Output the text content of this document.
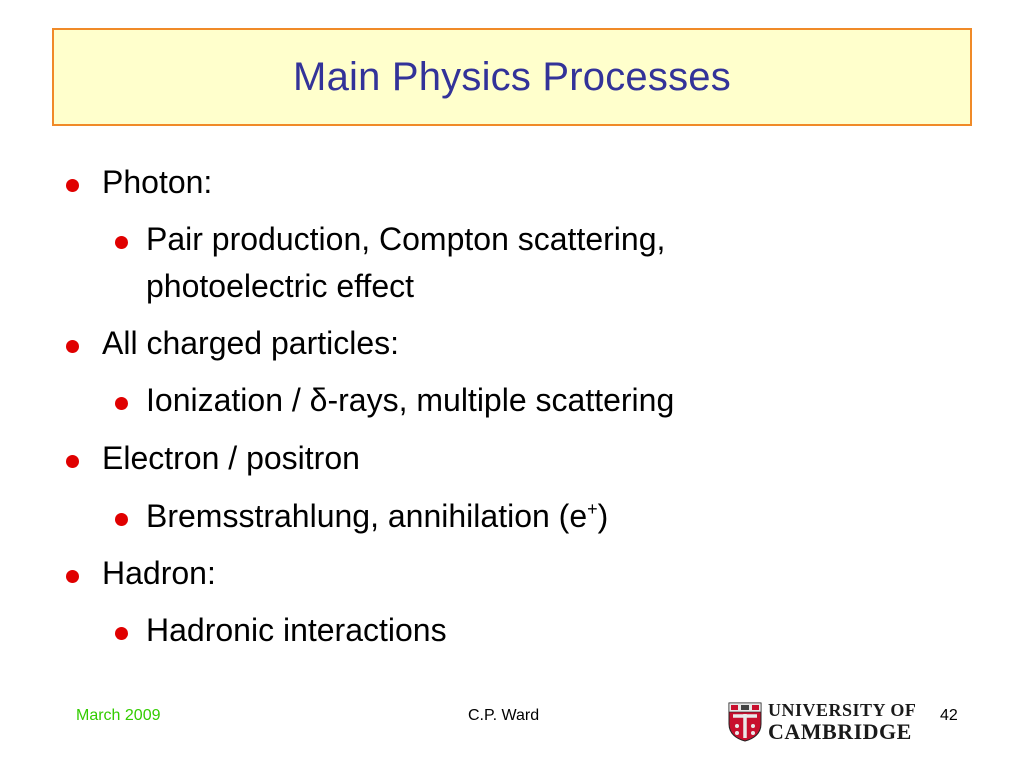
Main Physics Processes
Photon:
Pair production, Compton scattering,
photoelectric effect
All charged particles:
Ionization / δ-rays, multiple scattering
Electron / positron
Bremsstrahlung, annihilation (e+)
Hadron:
Hadronic interactions
March 2009	C.P. Ward	UNIVERSITY OF
CAMBRIDGE
42
